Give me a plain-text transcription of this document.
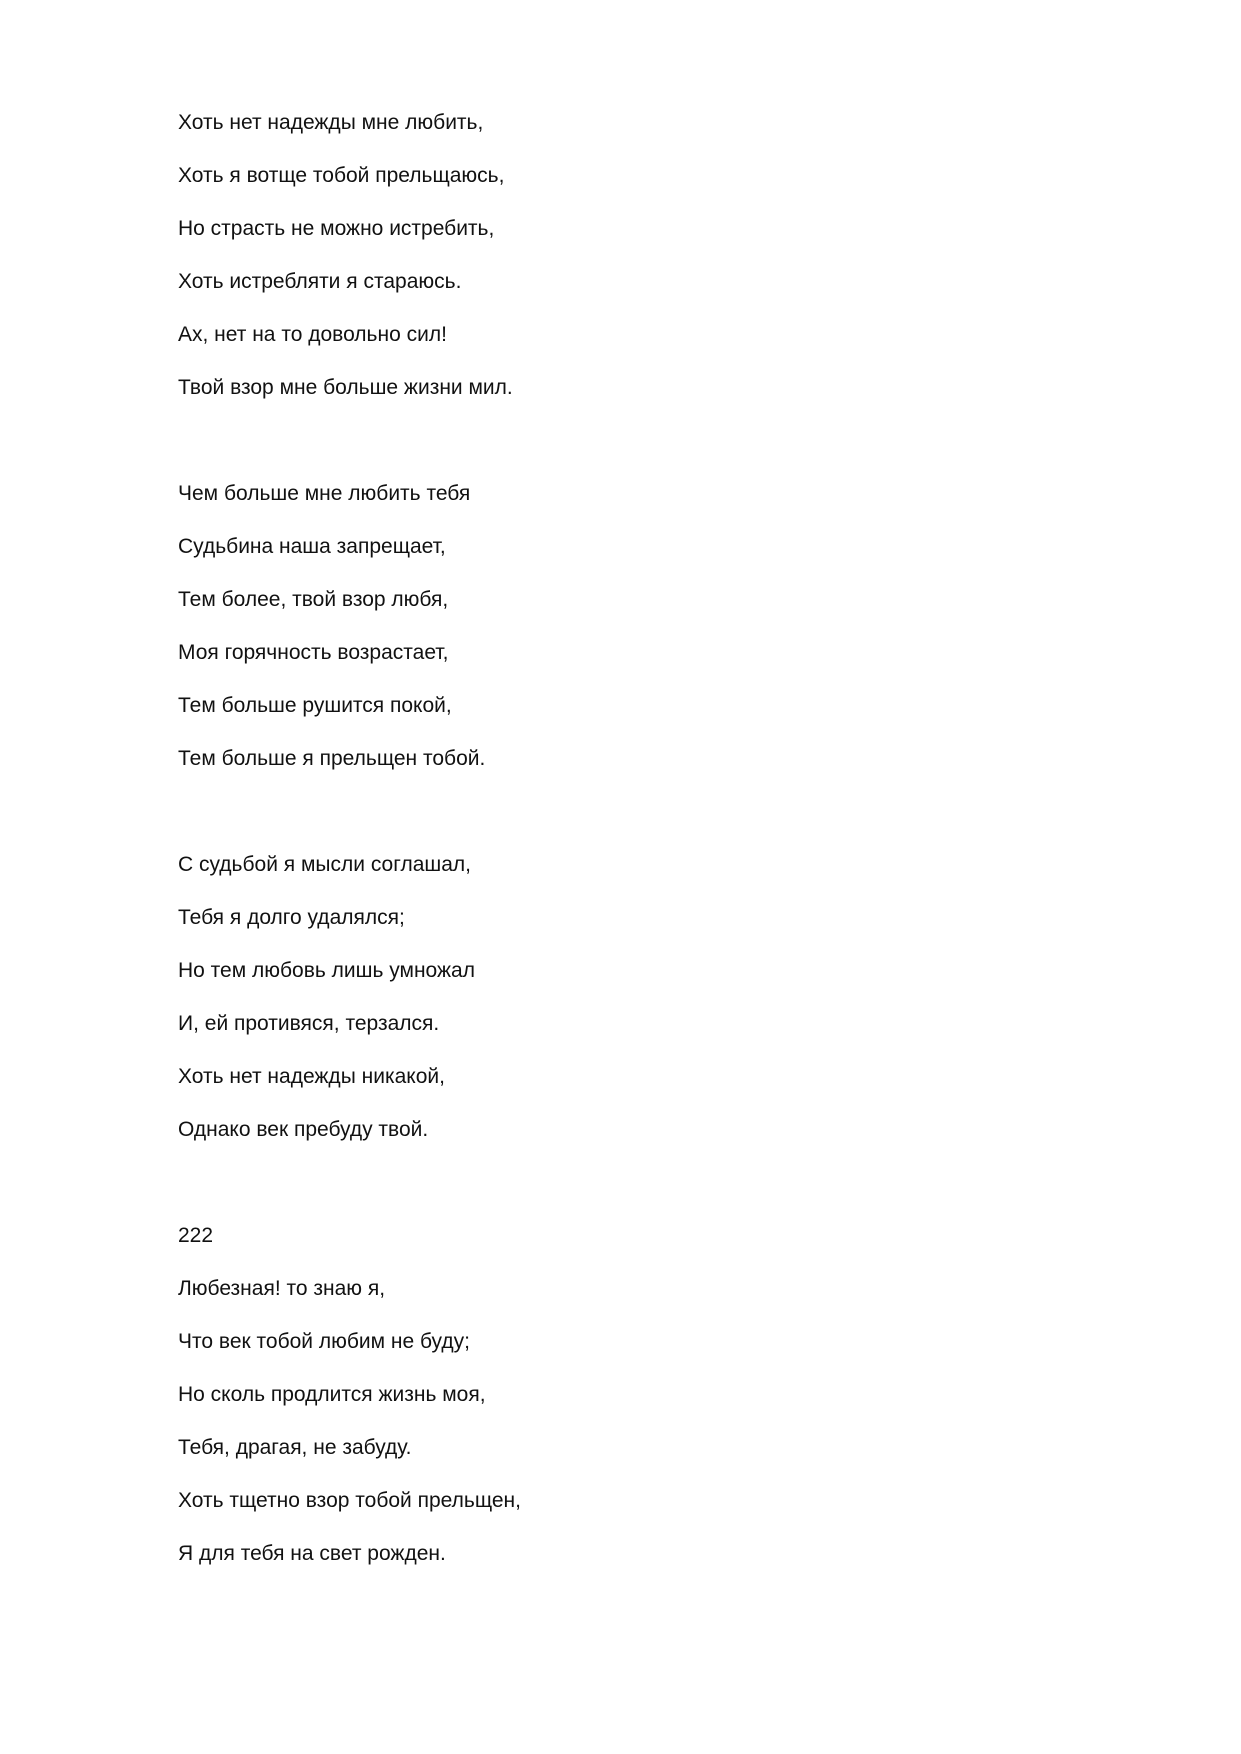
Хоть нет надежды мне любить,
Хоть я вотще тобой прельщаюсь,
Но страсть не можно истребить,
Хоть истребляти я стараюсь.
Ах, нет на то довольно сил!
Твой взор мне больше жизни мил.
Чем больше мне любить тебя
Судьбина наша запрещает,
Тем более, твой взор любя,
Моя горячность возрастает,
Тем больше рушится покой,
Тем больше я прельщен тобой.
С судьбой я мысли соглашал,
Тебя я долго удалялся;
Но тем любовь лишь умножал
И, ей противяся, терзался.
Хоть нет надежды никакой,
Однако век пребуду твой.
222
Любезная! то знаю я,
Что век тобой любим не буду;
Но сколь продлится жизнь моя,
Тебя, драгая, не забуду.
Хоть тщетно взор тобой прельщен,
Я для тебя на свет рожден.
